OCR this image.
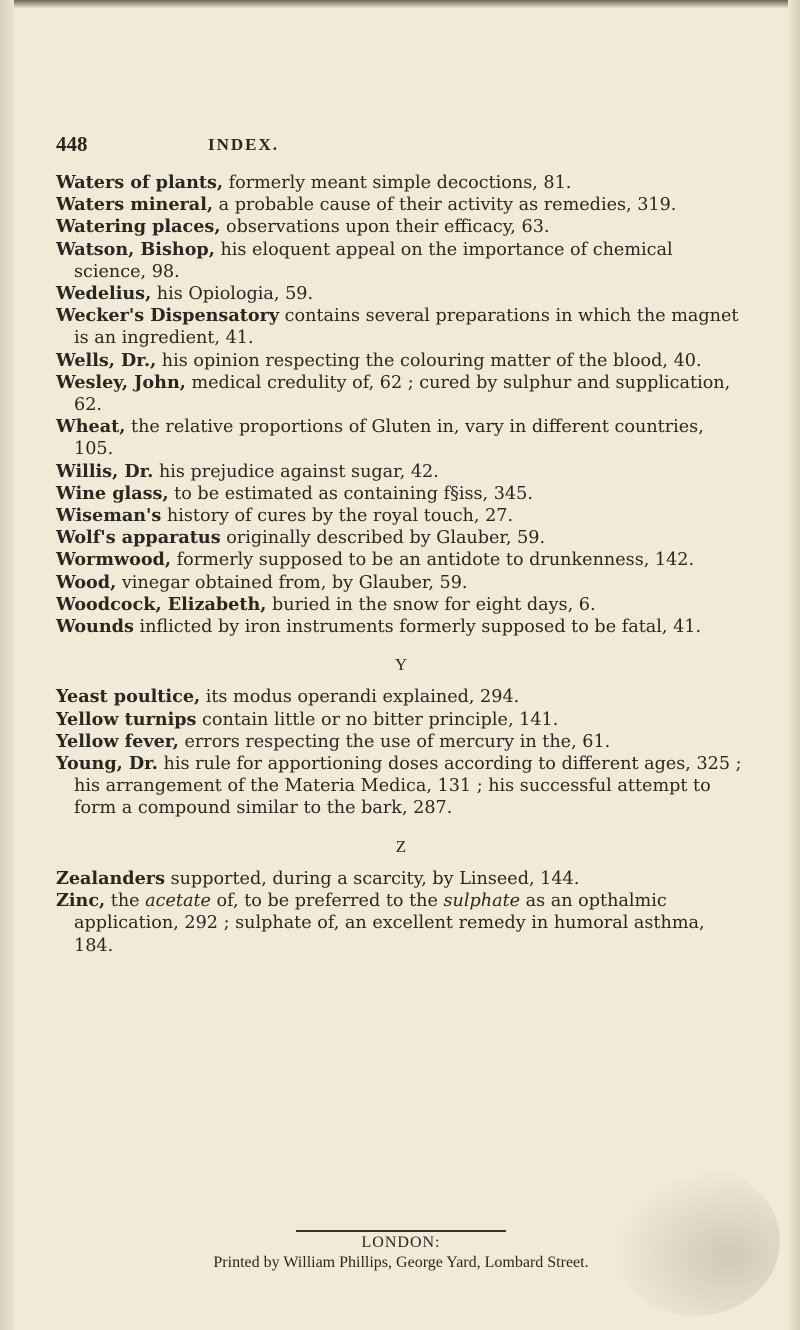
448	INDEX.

Waters of plants, formerly meant simple decoctions, 81.

Waters mineral, a probable cause of their activity as remedies, 319.

Watering places, observations upon their efficacy, 63.

Watson, Bishop, his eloquent appeal on the importance of chemical science, 98.

Wedelius, his Opiologia, 59.

Wecker's Dispensatory contains several preparations in which the magnet is an ingredient, 41.

Wells, Dr., his opinion respecting the colouring matter of the blood, 40.

Wesley, John, medical credulity of, 62 ; cured by sulphur and supplication, 62.

Wheat, the relative proportions of Gluten in, vary in different countries, 105.

Willis, Dr. his prejudice against sugar, 42.

Wine glass, to be estimated as containing f§iss, 345.

Wiseman's history of cures by the royal touch, 27.

Wolf's apparatus originally described by Glauber, 59.

Wormwood, formerly supposed to be an antidote to drunkenness, 142.

Wood, vinegar obtained from, by Glauber, 59.

Woodcock, Elizabeth, buried in the snow for eight days, 6.

Wounds inflicted by iron instruments formerly supposed to be fatal, 41.

Y

Yeast poultice, its modus operandi explained, 294.

Yellow turnips contain little or no bitter principle, 141.

Yellow fever, errors respecting the use of mercury in the, 61.

Young, Dr. his rule for apportioning doses according to different ages, 325 ; his arrangement of the Materia Medica, 131 ; his successful attempt to form a compound similar to the bark, 287.

Z

Zealanders supported, during a scarcity, by Linseed, 144.

Zinc, the acetate of, to be preferred to the sulphate as an opthalmic application, 292 ; sulphate of, an excellent remedy in humoral asthma, 184.

LONDON:
Printed by William Phillips, George Yard, Lombard Street.
